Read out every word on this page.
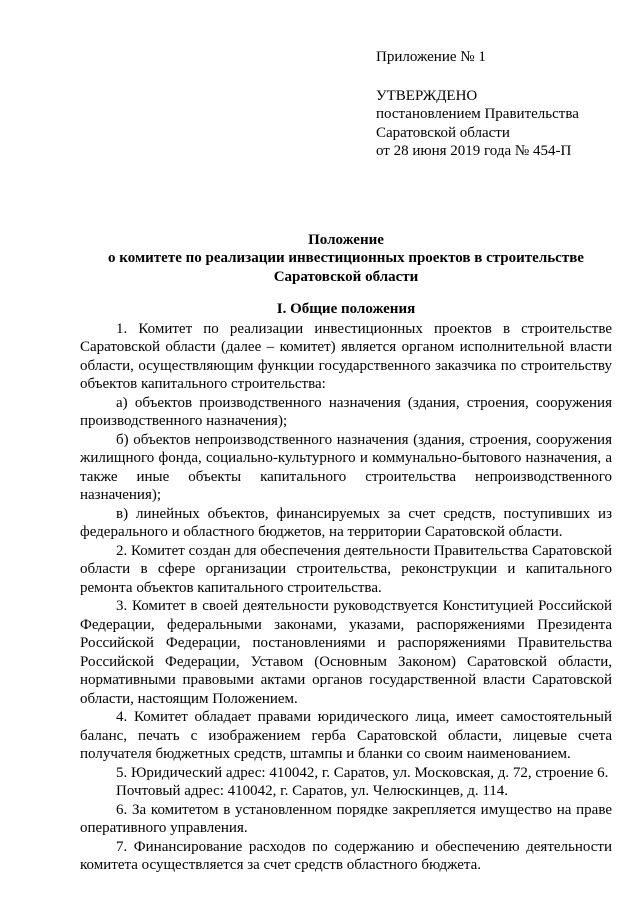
Приложение № 1
УТВЕРЖДЕНО
постановлением Правительства
Саратовской области
от 28 июня 2019 года № 454-П
Положение
о комитете по реализации инвестиционных проектов в строительстве
Саратовской области
I. Общие положения

1. Комитет по реализации инвестиционных проектов в строительстве Саратовской области (далее – комитет) является органом исполнительной власти области, осуществляющим функции государственного заказчика по строительству объектов капитального строительства:

а) объектов производственного назначения (здания, строения, сооружения производственного назначения);

б) объектов непроизводственного назначения (здания, строения, сооружения жилищного фонда, социально-культурного и коммунально-бытового назначения, а также иные объекты капитального строительства непроизводственного назначения);

в) линейных объектов, финансируемых за счет средств, поступивших из федерального и областного бюджетов, на территории Саратовской области.

2. Комитет создан для обеспечения деятельности Правительства Саратовской области в сфере организации строительства, реконструкции и капитального ремонта объектов капитального строительства.

3. Комитет в своей деятельности руководствуется Конституцией Российской Федерации, федеральными законами, указами, распоряжениями Президента Российской Федерации, постановлениями и распоряжениями Правительства Российской Федерации, Уставом (Основным Законом) Саратовской области, нормативными правовыми актами органов государственной власти Саратовской области, настоящим Положением.

4. Комитет обладает правами юридического лица, имеет самостоятельный баланс, печать с изображением герба Саратовской области, лицевые счета получателя бюджетных средств, штампы и бланки со своим наименованием.

5. Юридический адрес: 410042, г. Саратов, ул. Московская, д. 72, строение 6.

Почтовый адрес: 410042, г. Саратов, ул. Челюскинцев, д. 114.

6. За комитетом в установленном порядке закрепляется имущество на праве оперативного управления.

7. Финансирование расходов по содержанию и обеспечению деятельности комитета осуществляется за счет средств областного бюджета.
